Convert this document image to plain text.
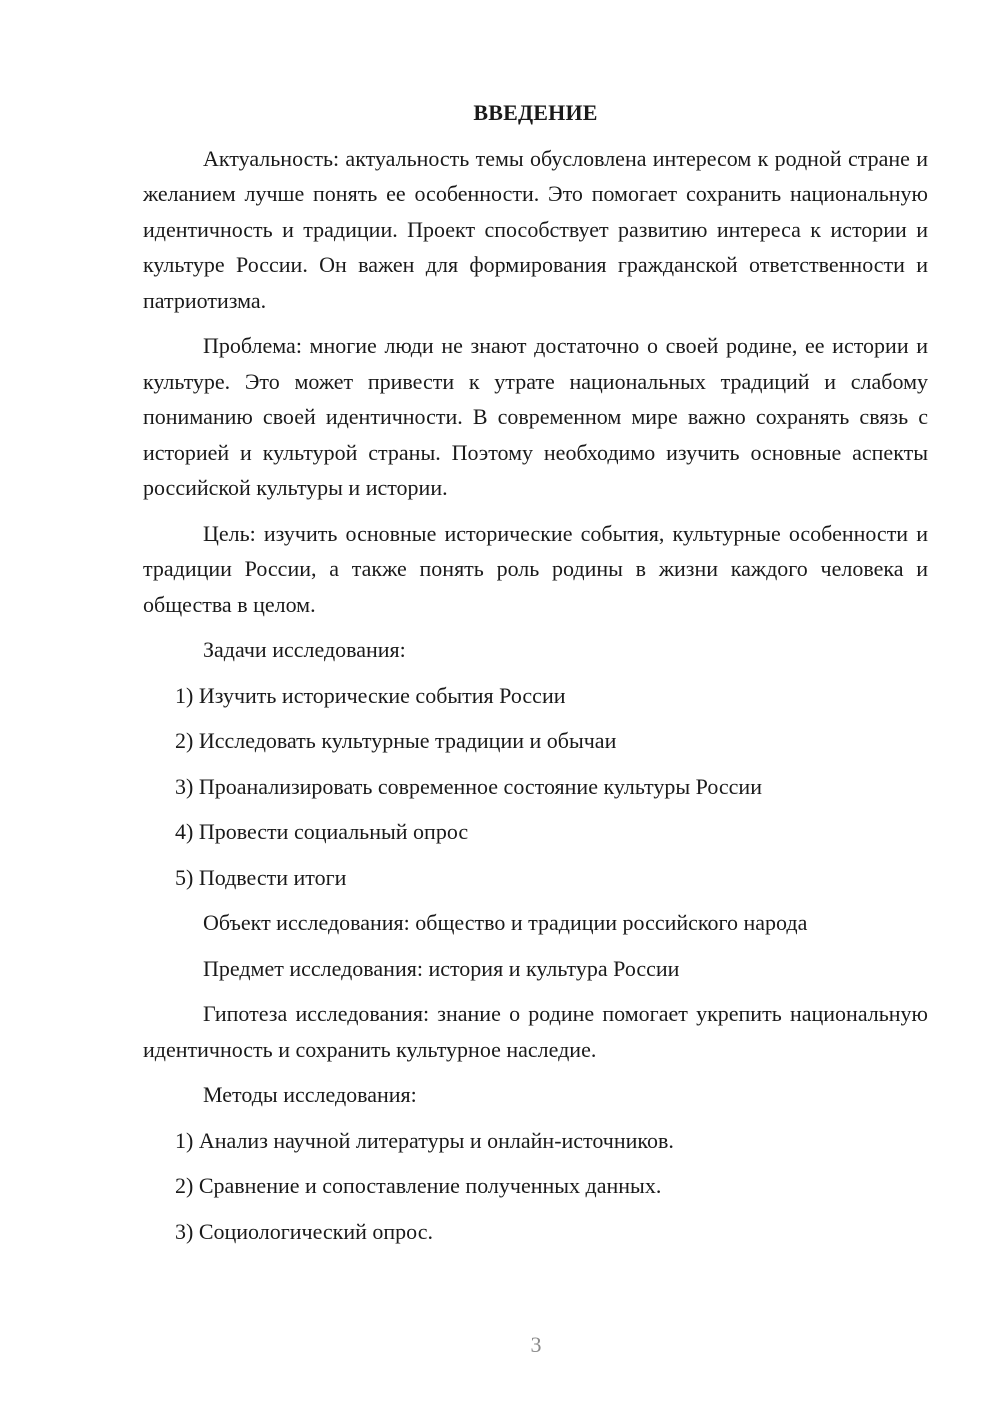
ВВЕДЕНИЕ

Актуальность: актуальность темы обусловлена интересом к родной стране и желанием лучше понять ее особенности. Это помогает сохранить национальную идентичность и традиции. Проект способствует развитию интереса к истории и культуре России. Он важен для формирования гражданской ответственности и патриотизма.

Проблема: многие люди не знают достаточно о своей родине, ее истории и культуре. Это может привести к утрате национальных традиций и слабому пониманию своей идентичности. В современном мире важно сохранять связь с историей и культурой страны. Поэтому необходимо изучить основные аспекты российской культуры и истории.

Цель: изучить основные исторические события, культурные особенности и традиции России, а также понять роль родины в жизни каждого человека и общества в целом.

Задачи исследования:

1) Изучить исторические события России
2) Исследовать культурные традиции и обычаи
3) Проанализировать современное состояние культуры России
4) Провести социальный опрос
5) Подвести итоги

Объект исследования: общество и традиции российского народа

Предмет исследования: история и культура России

Гипотеза исследования: знание о родине помогает укрепить национальную идентичность и сохранить культурное наследие.

Методы исследования:

1) Анализ научной литературы и онлайн-источников.
2) Сравнение и сопоставление полученных данных.
3) Социологический опрос.
3
